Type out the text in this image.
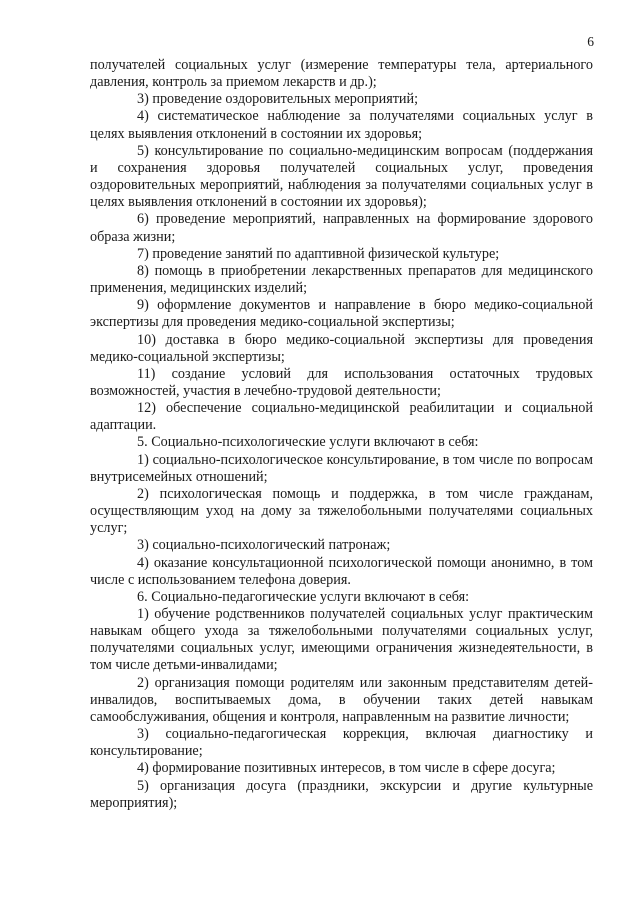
6

получателей социальных услуг (измерение температуры тела, артериального давления, контроль за приемом лекарств и др.);

3) проведение оздоровительных мероприятий;

4) систематическое наблюдение за получателями социальных услуг в целях выявления отклонений в состоянии их здоровья;

5) консультирование по социально-медицинским вопросам (поддержания и сохранения здоровья получателей социальных услуг, проведения оздоровительных мероприятий, наблюдения за получателями социальных услуг в целях выявления отклонений в состоянии их здоровья);

6) проведение мероприятий, направленных на формирование здорового образа жизни;

7) проведение занятий по адаптивной физической культуре;

8) помощь в приобретении лекарственных препаратов для медицинского применения, медицинских изделий;

9) оформление документов и направление в бюро медико-социальной экспертизы для проведения медико-социальной экспертизы;

10) доставка в бюро медико-социальной экспертизы для проведения медико-социальной экспертизы;

11) создание условий для использования остаточных трудовых возможностей, участия в лечебно-трудовой деятельности;

12) обеспечение социально-медицинской реабилитации и социальной адаптации.

5. Социально-психологические услуги включают в себя:

1) социально-психологическое консультирование, в том числе по вопросам внутрисемейных отношений;

2) психологическая помощь и поддержка, в том числе гражданам, осуществляющим уход на дому за тяжелобольными получателями социальных услуг;

3) социально-психологический патронаж;

4) оказание консультационной психологической помощи анонимно, в том числе с использованием телефона доверия.

6. Социально-педагогические услуги включают в себя:

1) обучение родственников получателей социальных услуг практическим навыкам общего ухода за тяжелобольными получателями социальных услуг, получателями социальных услуг, имеющими ограничения жизнедеятельности, в том числе детьми-инвалидами;

2) организация помощи родителям или законным представителям детей-инвалидов, воспитываемых дома, в обучении таких детей навыкам самообслуживания, общения и контроля, направленным на развитие личности;

3) социально-педагогическая коррекция, включая диагностику и консультирование;

4) формирование позитивных интересов, в том числе в сфере досуга;

5) организация досуга (праздники, экскурсии и другие культурные мероприятия);
